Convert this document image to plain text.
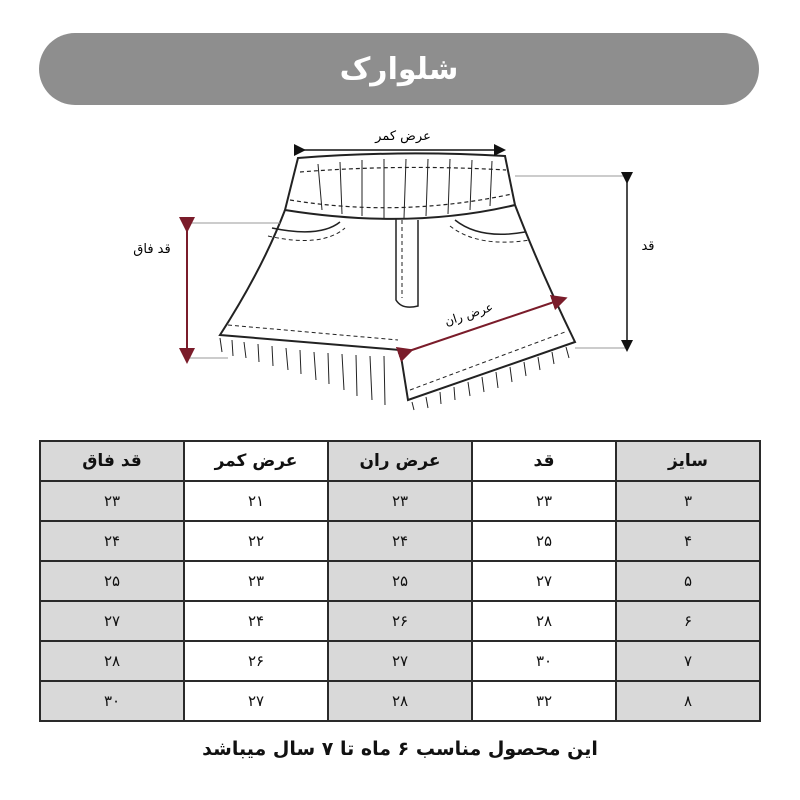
شلوارک
عرض کمر
قد
قد فاق
عرض ران
قد فاق	عرض کمر	عرض ران	قد	سایز
۲۳	۲۱	۲۳	۲۳	۳
۲۴	۲۲	۲۴	۲۵	۴
۲۵	۲۳	۲۵	۲۷	۵
۲۷	۲۴	۲۶	۲۸	۶
۲۸	۲۶	۲۷	۳۰	۷
۳۰	۲۷	۲۸	۳۲	۸
این محصول مناسب ۶ ماه تا ۷ سال میباشد
